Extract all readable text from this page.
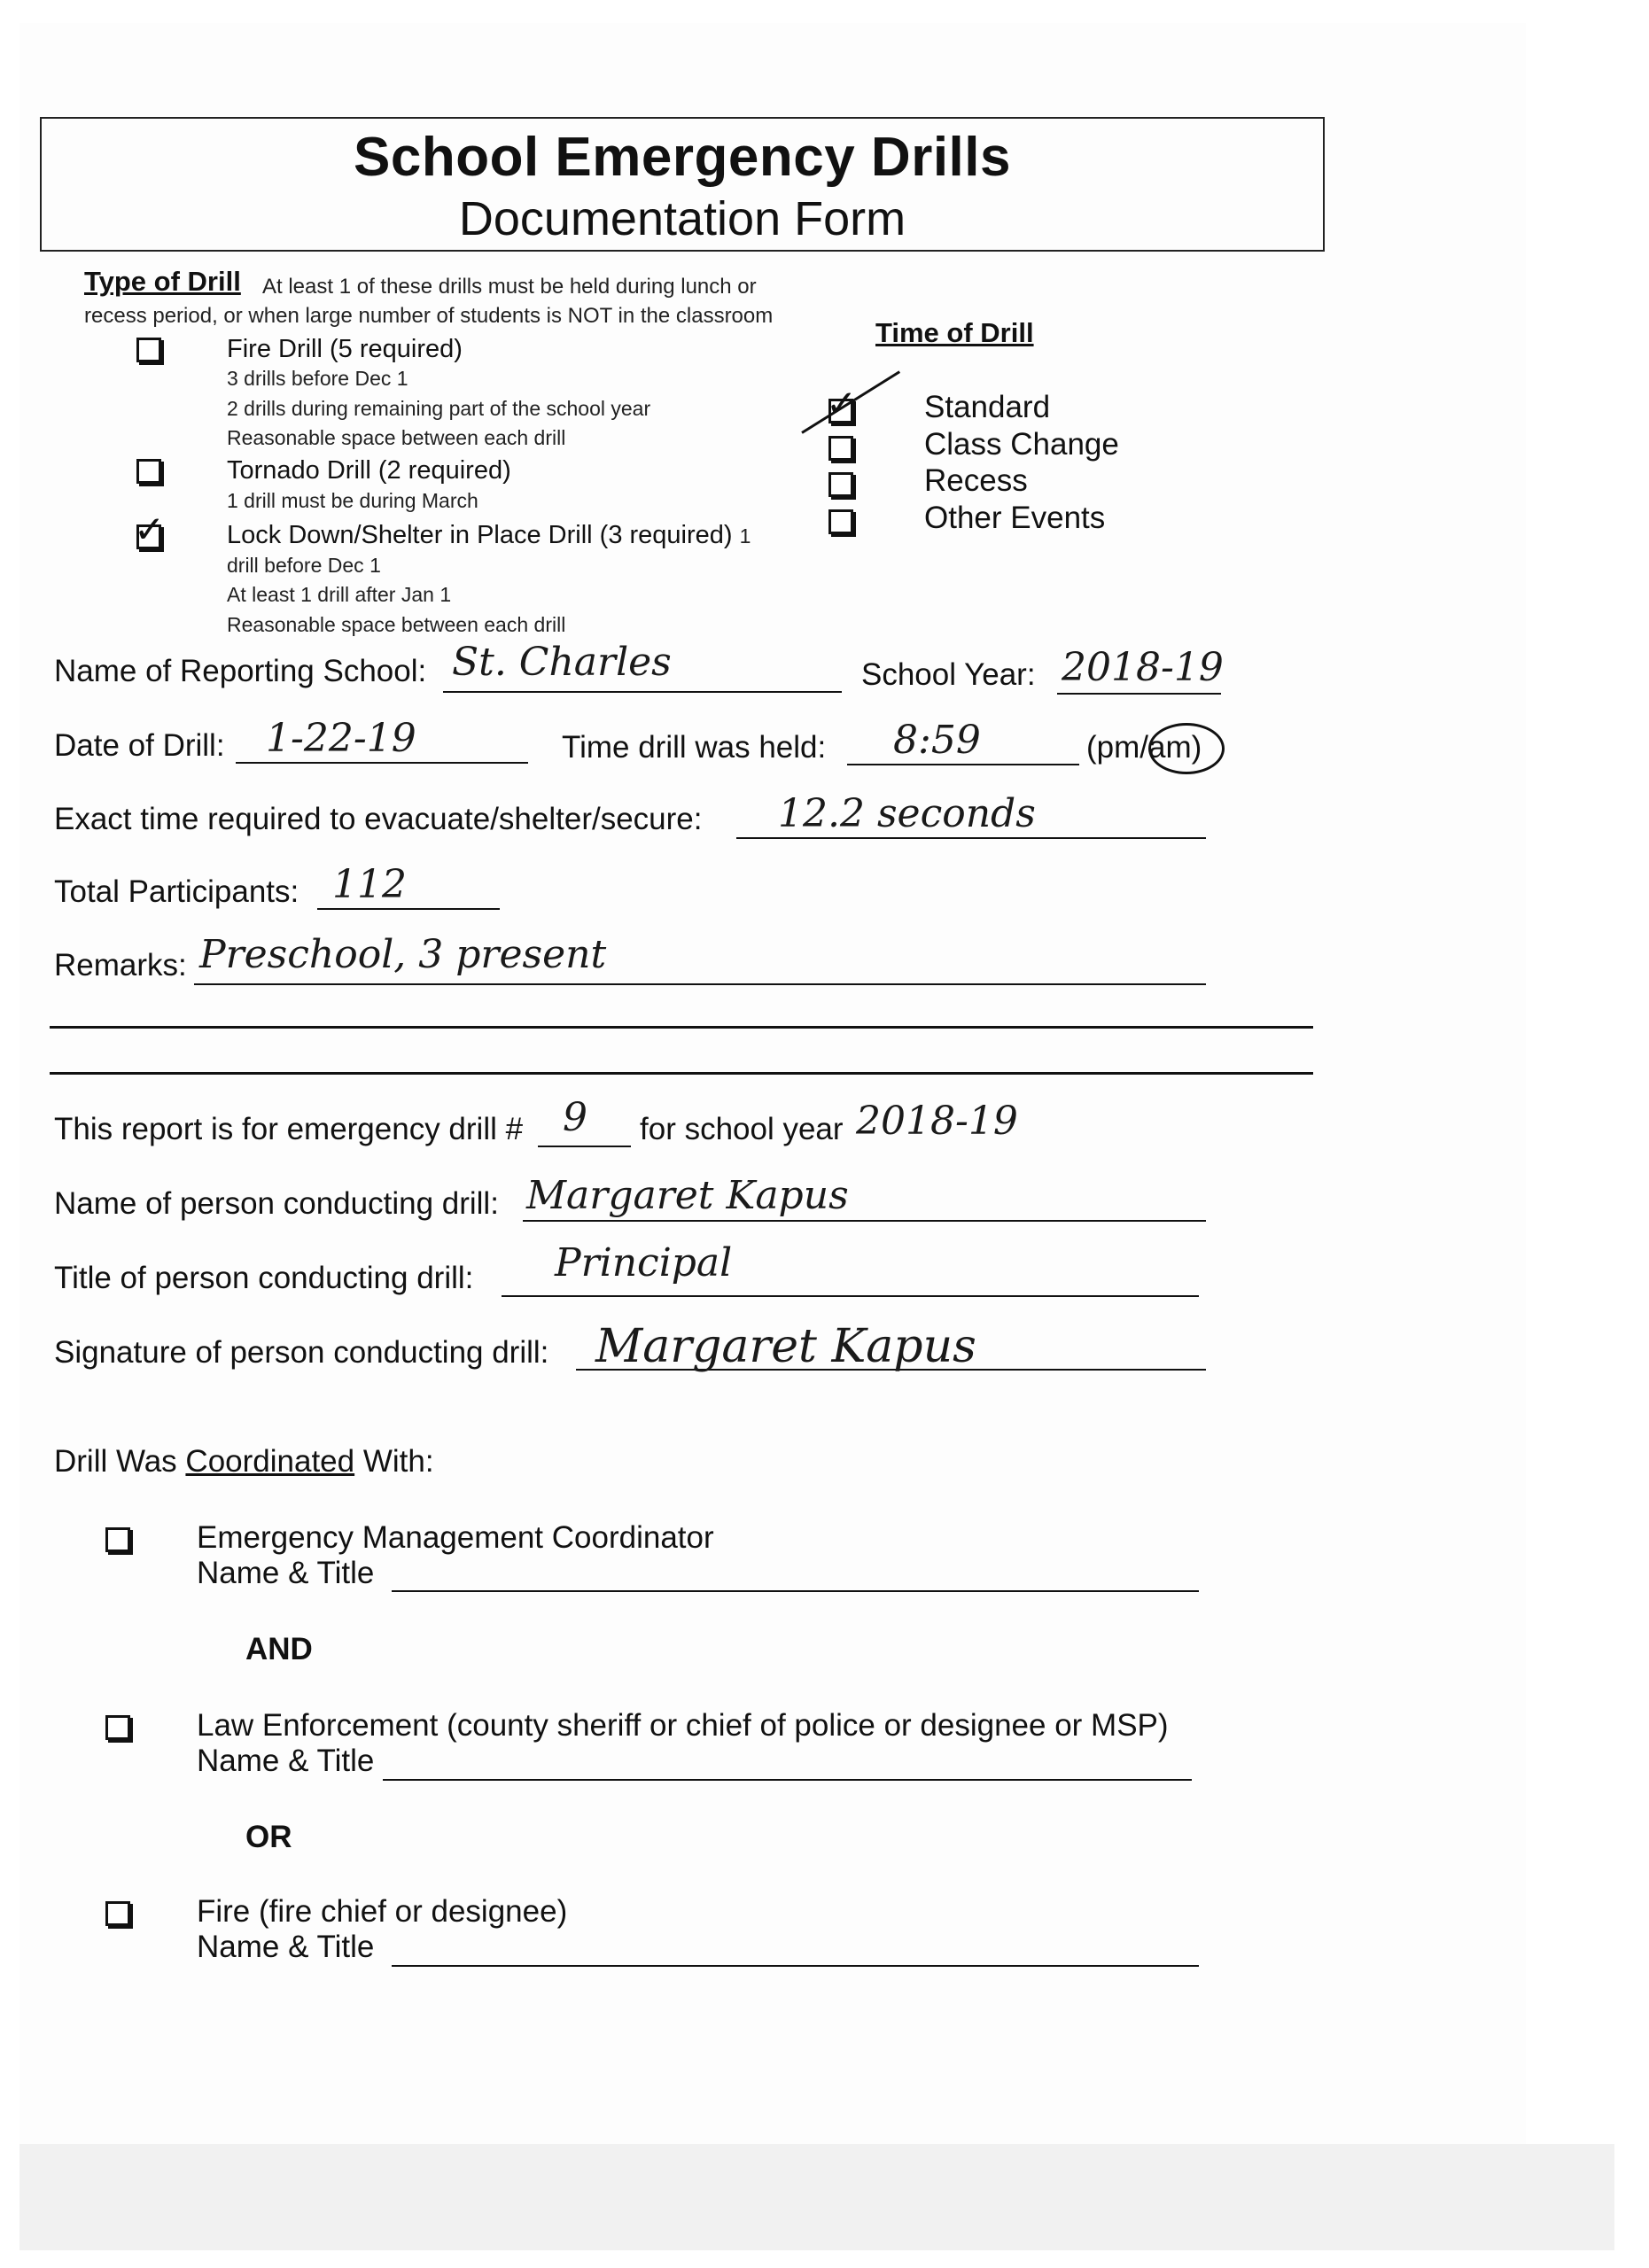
School Emergency Drills
Documentation Form
Type of Drill At least 1 of these drills must be held during lunch or
recess period, or when large number of students is NOT in the classroom
Fire Drill (5 required)
3 drills before Dec 1
2 drills during remaining part of the school year
Reasonable space between each drill
Tornado Drill (2 required)
1 drill must be during March
✓
Lock Down/Shelter in Place Drill (3 required) 1
drill before Dec 1
At least 1 drill after Jan 1
Reasonable space between each drill
Time of Drill
✓
Standard
Class Change
Recess
Other Events
Name of Reporting School: St. Charles	School Year: 2018-19
Date of Drill: 1-22-19	Time drill was held: 8:59	(pm/am)
Exact time required to evacuate/shelter/secure: 12.2 seconds
Total Participants: 112
Remarks: Preschool, 3 present
This report is for emergency drill # 9 for school year 2018-19
Name of person conducting drill: Margaret Kapus
Title of person conducting drill: Principal
Signature of person conducting drill: Margaret Kapus
Drill Was Coordinated With:
Emergency Management Coordinator
Name & Title
AND
Law Enforcement (county sheriff or chief of police or designee or MSP)
Name & Title
OR
Fire (fire chief or designee)
Name & Title
